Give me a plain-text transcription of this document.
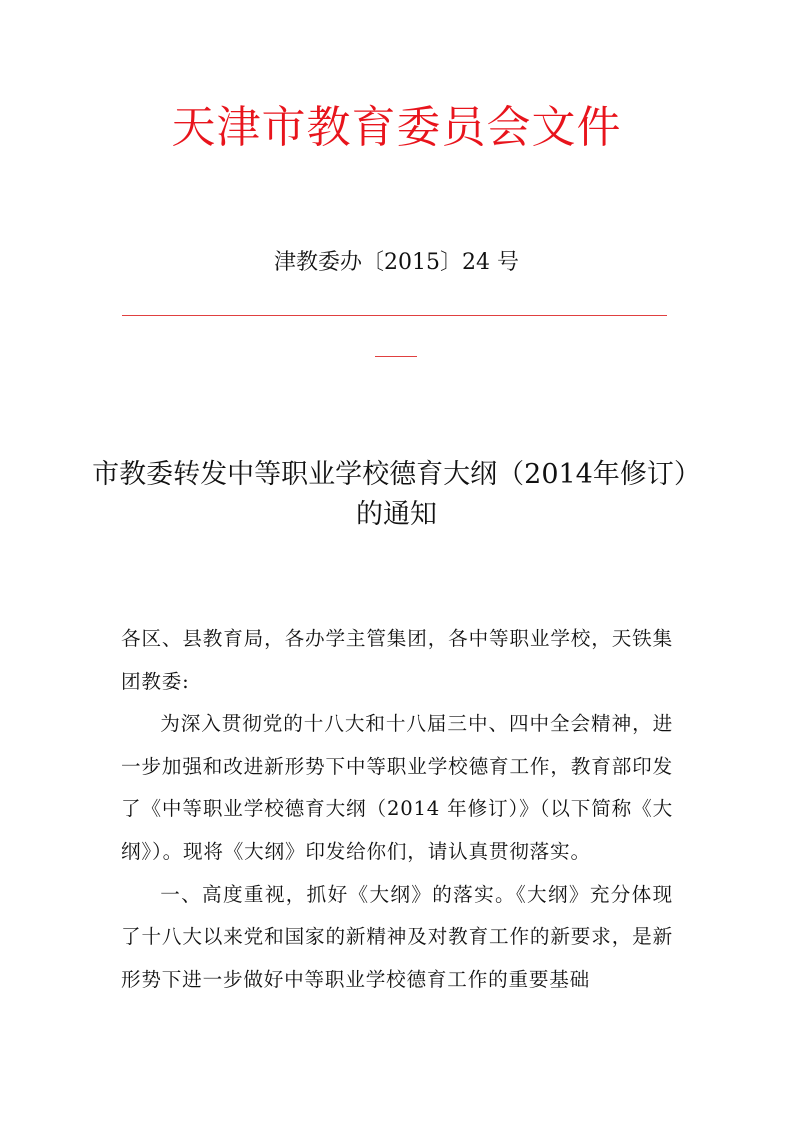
天津市教育委员会文件
津教委办〔2015〕24 号
市教委转发中等职业学校德育大纲（2014年修订）的通知

各区、县教育局，各办学主管集团，各中等职业学校，天铁集团教委:

为深入贯彻党的十八大和十八届三中、四中全会精神，进一步加强和改进新形势下中等职业学校德育工作，教育部印发了《中等职业学校德育大纲（2014 年修订）》（以下简称《大纲》）。现将《大纲》印发给你们，请认真贯彻落实。

一、高度重视，抓好《大纲》的落实。《大纲》充分体现了十八大以来党和国家的新精神及对教育工作的新要求，是新形势下进一步做好中等职业学校德育工作的重要基础
